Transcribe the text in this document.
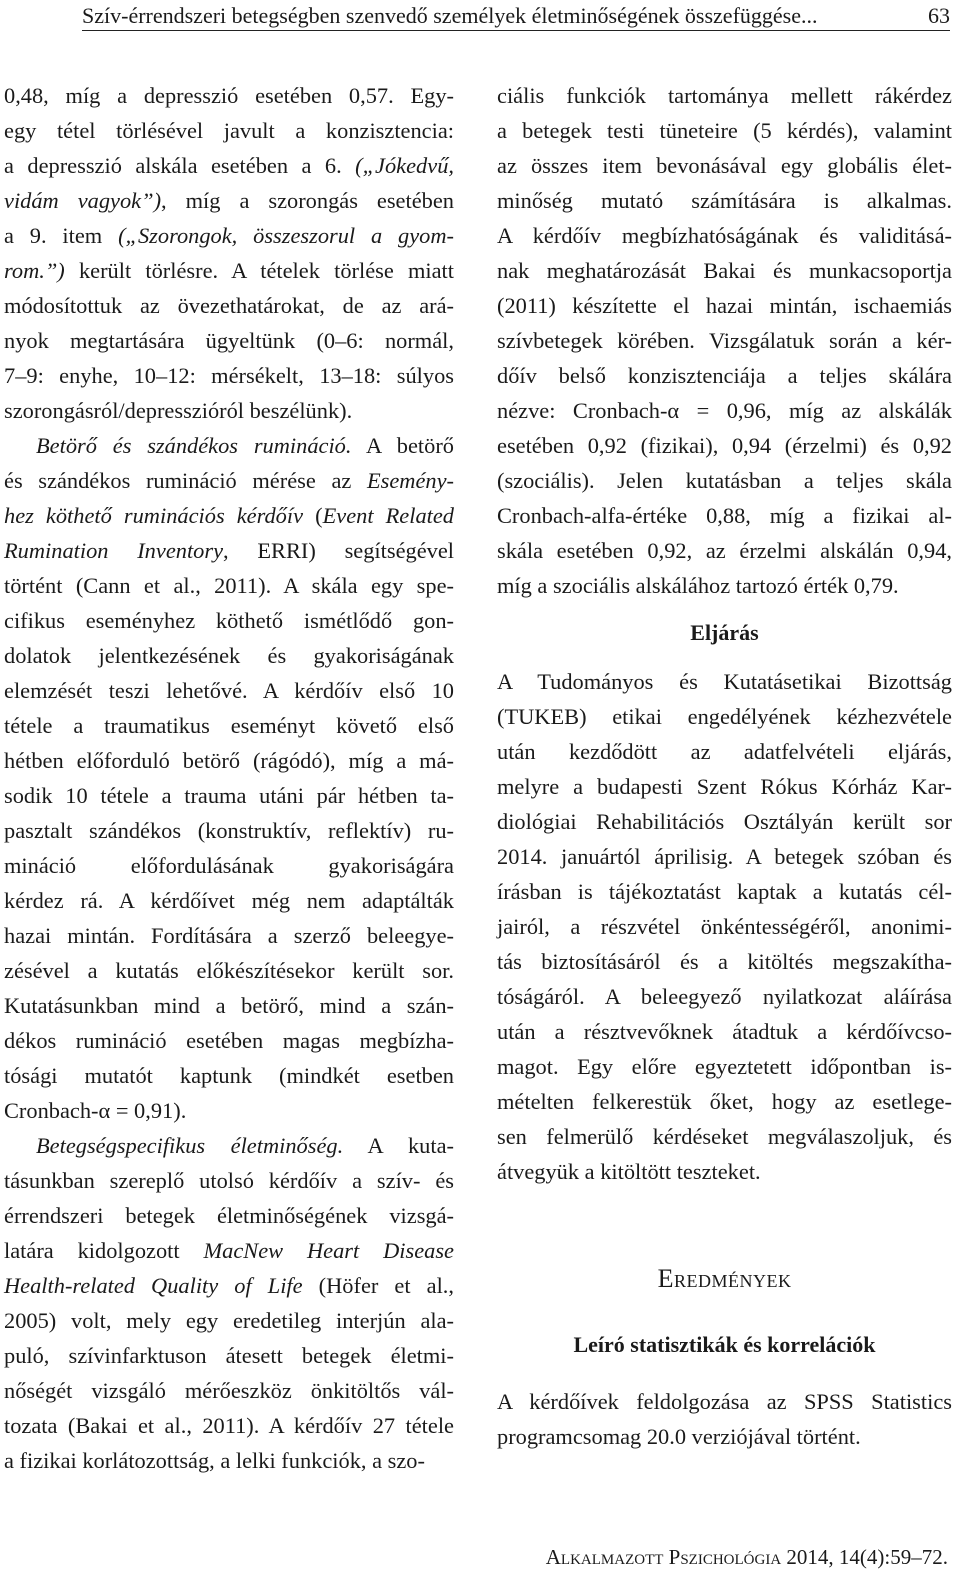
Szív-érrendszeri betegségben szenvedő személyek életminőségének összefüggése...	63
0,48, míg a depresszió esetében 0,57. Egy-
egy tétel törlésével javult a konzisztencia:
a depresszió alskála esetében a 6. („Jókedvű,
vidám vagyok”), míg a szorongás esetében
a 9. item („Szorongok, összeszorul a gyom-
rom.”) került törlésre. A tételek törlése miatt
módosítottuk az övezethatárokat, de az ará-
nyok megtartására ügyeltünk (0–6: normál,
7–9: enyhe, 10–12: mérsékelt, 13–18: súlyos
szorongásról/depresszióról beszélünk).
Betörő és szándékos rumináció. A betörő
és szándékos rumináció mérése az Esemény-
hez köthető ruminációs kérdőív (Event Related
Rumination Inventory, ERRI) segítségével
történt (Cann et al., 2011). A skála egy spe-
cifikus eseményhez köthető ismétlődő gon-
dolatok jelentkezésének és gyakoriságának
elemzését teszi lehetővé. A kérdőív első 10
tétele a traumatikus eseményt követő első
hétben előforduló betörő (rágódó), míg a má-
sodik 10 tétele a trauma utáni pár hétben ta-
pasztalt szándékos (konstruktív, reflektív) ru-
mináció előfordulásának gyakoriságára
kérdez rá. A kérdőívet még nem adaptálták
hazai mintán. Fordítására a szerző beleegye-
zésével a kutatás előkészítésekor került sor.
Kutatásunkban mind a betörő, mind a szán-
dékos rumináció esetében magas megbízha-
tósági mutatót kaptunk (mindkét esetben
Cronbach-α = 0,91).
Betegségspecifikus életminőség. A kuta-
tásunkban szereplő utolsó kérdőív a szív- és
érrendszeri betegek életminőségének vizsgá-
latára kidolgozott MacNew Heart Disease
Health-related Quality of Life (Höfer et al.,
2005) volt, mely egy eredetileg interjún ala-
puló, szívinfarktuson átesett betegek életmi-
nőségét vizsgáló mérőeszköz önkitöltős vál-
tozata (Bakai et al., 2011). A kérdőív 27 tétele
a fizikai korlátozottság, a lelki funkciók, a szo-
ciális funkciók tartománya mellett rákérdez
a betegek testi tüneteire (5 kérdés), valamint
az összes item bevonásával egy globális élet-
minőség mutató számítására is alkalmas.
A kérdőív megbízhatóságának és validitásá-
nak meghatározását Bakai és munkacsoportja
(2011) készítette el hazai mintán, ischaemiás
szívbetegek körében. Vizsgálatuk során a kér-
dőív belső konzisztenciája a teljes skálára
nézve: Cronbach-α = 0,96, míg az alskálák
esetében 0,92 (fizikai), 0,94 (érzelmi) és 0,92
(szociális). Jelen kutatásban a teljes skála
Cronbach-alfa-értéke 0,88, míg a fizikai al-
skála esetében 0,92, az érzelmi alskálán 0,94,
míg a szociális alskálához tartozó érték 0,79.
Eljárás
A Tudományos és Kutatásetikai Bizottság
(TUKEB) etikai engedélyének kézhezvétele
után kezdődött az adatfelvételi eljárás,
melyre a budapesti Szent Rókus Kórház Kar-
diológiai Rehabilitációs Osztályán került sor
2014. januártól áprilisig. A betegek szóban és
írásban is tájékoztatást kaptak a kutatás cél-
jairól, a részvétel önkéntességéről, anonimi-
tás biztosításáról és a kitöltés megszakítha-
tóságáról. A beleegyező nyilatkozat aláírása
után a résztvevőknek átadtuk a kérdőívcso-
magot. Egy előre egyeztetett időpontban is-
mételten felkerestük őket, hogy az esetlege-
sen felmerülő kérdéseket megválaszoljuk, és
átvegyük a kitöltött teszteket.
Eredmények
Leíró statisztikák és korrelációk
A kérdőívek feldolgozása az SPSS Statistics
programcsomag 20.0 verziójával történt.
Alkalmazott Pszichológia 2014, 14(4):59–72.
